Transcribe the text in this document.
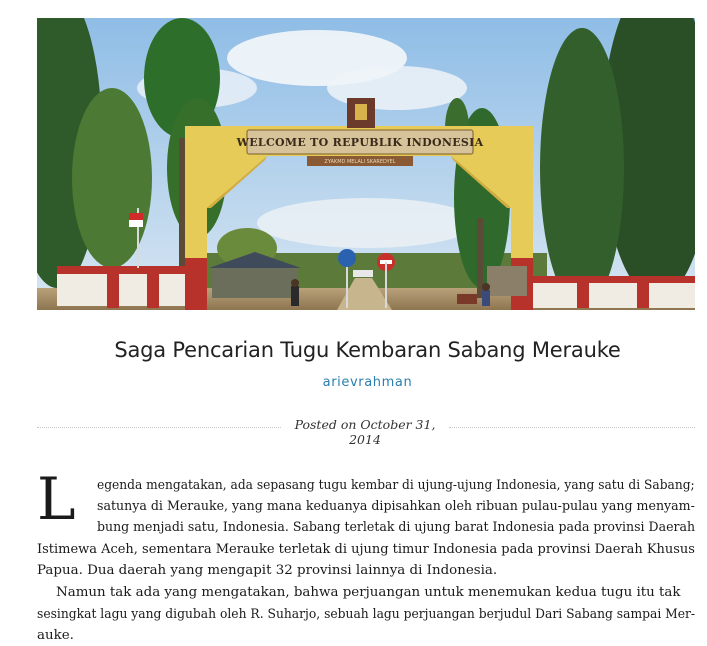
WELCOME TO REPUBLIK INDONESIA
ZYAKMD MELALI SKAREDYEL
Saga Pencarian Tugu Kembaran Sabang Merauke
arievrahman
Posted on October 31, 2014
L egenda mengatakan, ada sepasang tugu kembar di ujung-ujung Indonesia, yang satu di Sabang;
satunya di Merauke, yang mana keduanya dipisahkan oleh ribuan pulau-pulau yang menyam-
bung menjadi satu, Indonesia. Sabang terletak di ujung barat Indonesia pada provinsi Daerah
Istimewa Aceh, sementara Merauke terletak di ujung timur Indonesia pada provinsi Daerah Khusus
Papua. Dua daerah yang mengapit 32 provinsi lainnya di Indonesia.
Namun tak ada yang mengatakan, bahwa perjuangan untuk menemukan kedua tugu itu tak
sesingkat lagu yang digubah oleh R. Suharjo, sebuah lagu perjuangan berjudul Dari Sabang sampai Mer-
auke.
